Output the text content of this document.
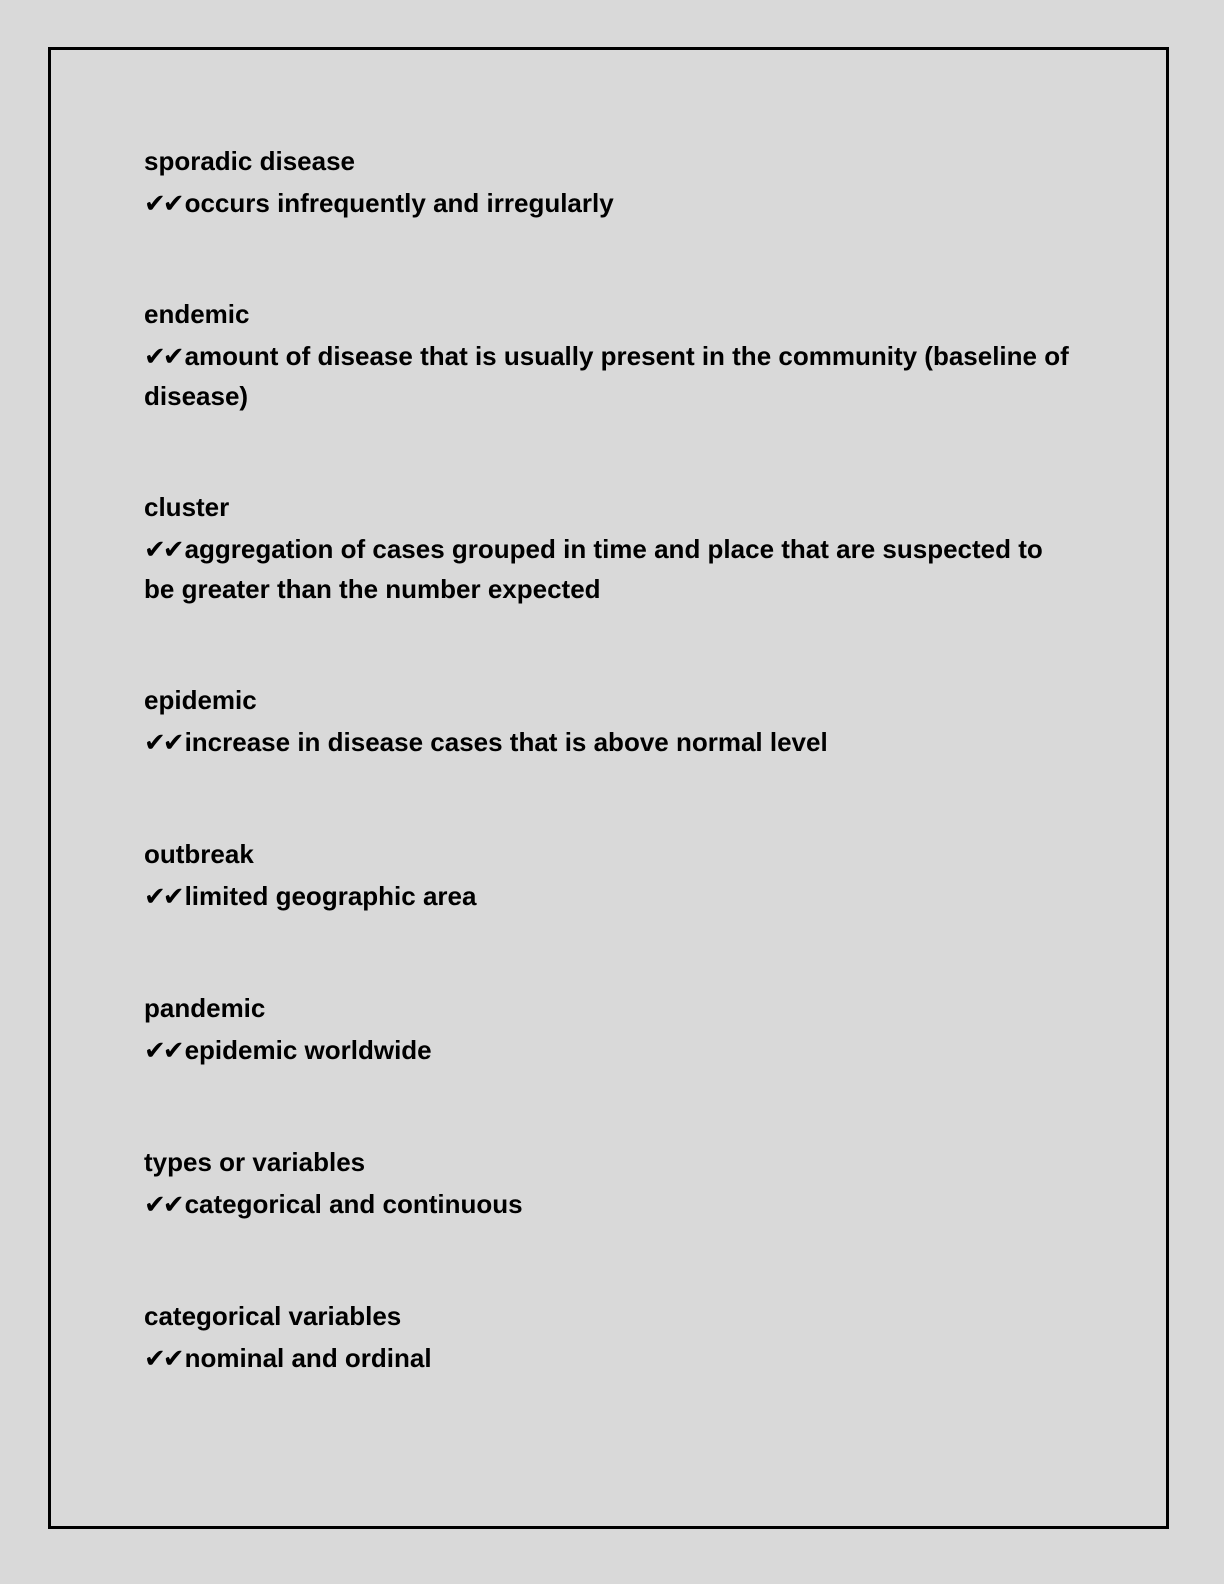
sporadic disease
✔✔ occurs infrequently and irregularly
endemic
✔✔ amount of disease that is usually present in the community (baseline of disease)
cluster
✔✔ aggregation of cases grouped in time and place that are suspected to be greater than the number expected
epidemic
✔✔ increase in disease cases that is above normal level
outbreak
✔✔ limited geographic area
pandemic
✔✔ epidemic worldwide
types or variables
✔✔ categorical and continuous
categorical variables
✔✔ nominal and ordinal
